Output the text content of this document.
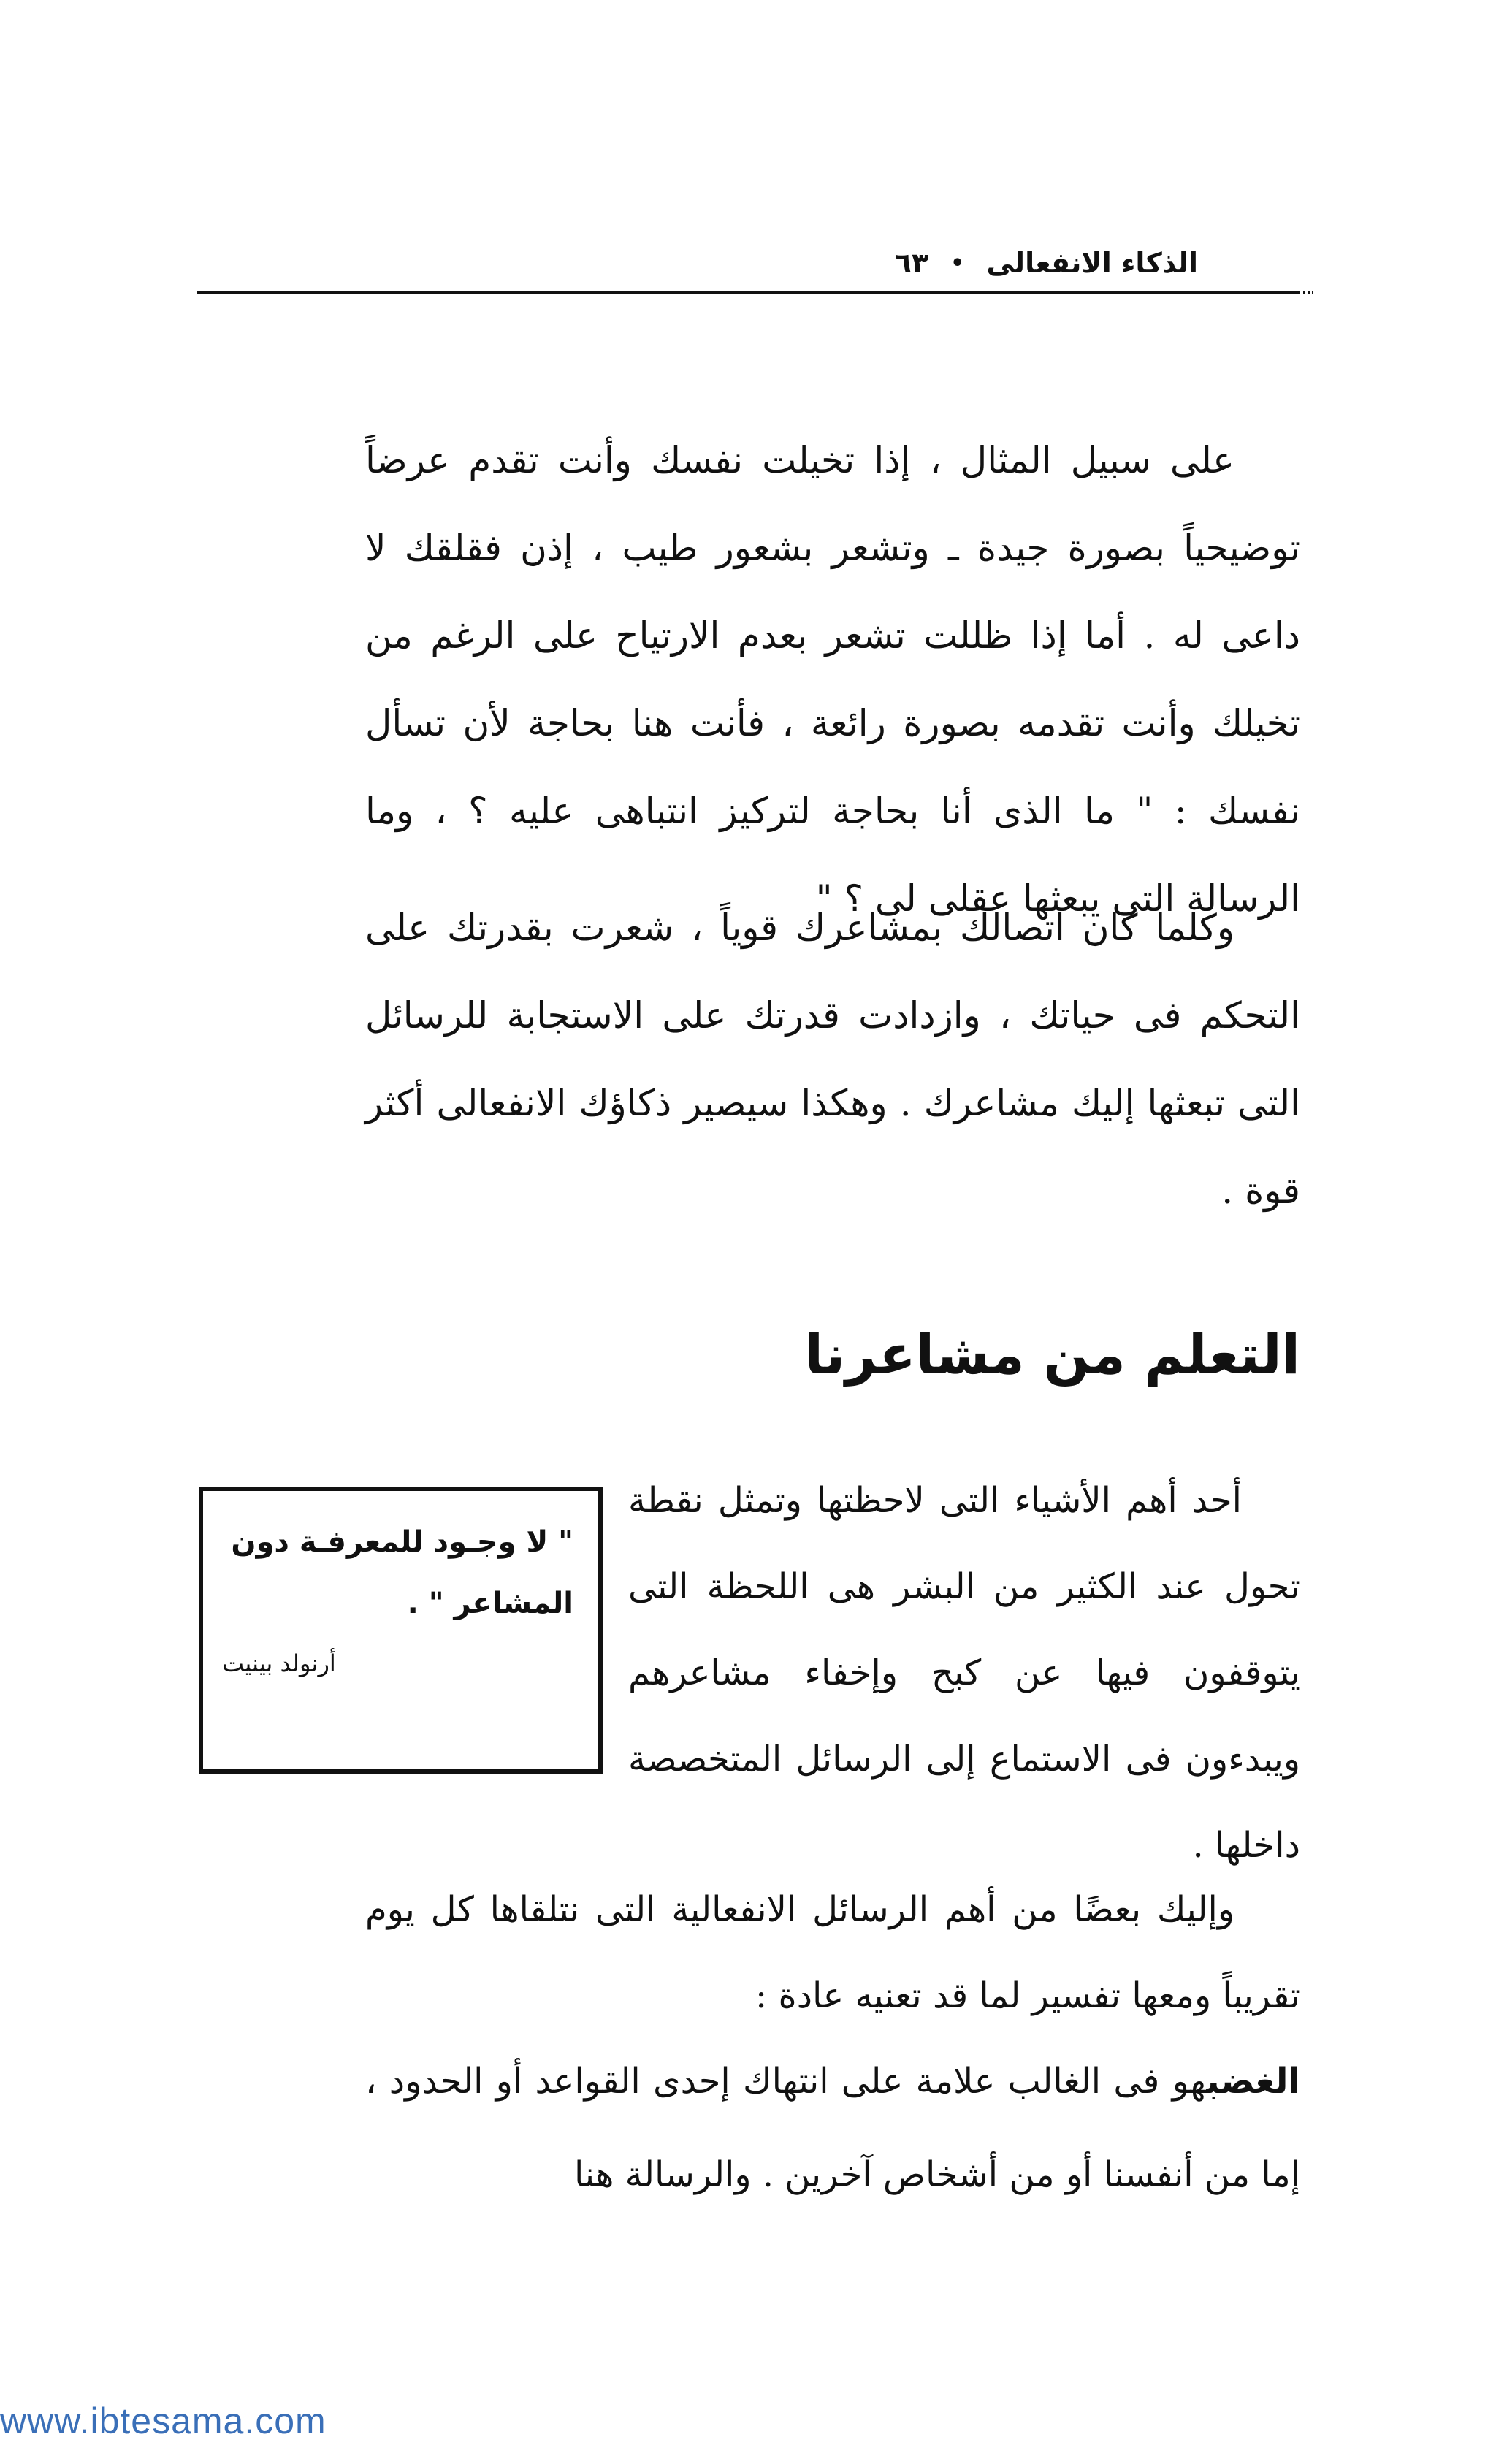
الذكاء الانفعالى
•
٦٣

على سبيل المثال ، إذا تخيلت نفسك وأنت تقدم عرضاً توضيحياً بصورة جيدة ـ وتشعر بشعور طيب ، إذن فقلقك لا داعى له . أما إذا ظللت تشعر بعدم الارتياح على الرغم من تخيلك وأنت تقدمه بصورة رائعة ، فأنت هنا بحاجة لأن تسأل نفسك : " ما الذى أنا بحاجة لتركيز انتباهى عليه ؟ ، وما الرسالة التى يبعثها عقلى لى ؟ "

وكلما كان اتصالك بمشاعرك قوياً ، شعرت بقدرتك على التحكم فى حياتك ، وازدادت قدرتك على الاستجابة للرسائل التى تبعثها إليك مشاعرك . وهكذا سيصير ذكاؤك الانفعالى أكثر قوة .

التعلم من مشاعرنا

أحد أهم الأشياء التى لاحظتها وتمثل نقطة تحول عند الكثير من البشر هى اللحظة التى يتوقفون فيها عن كبح وإخفاء مشاعرهم ويبدءون فى الاستماع إلى الرسائل المتخصصة داخلها .

" لا وجـود للمعرفـة دون المشاعر " .

أرنولد بينيت

وإليك بعضًا من أهم الرسائل الانفعالية التى نتلقاها كل يوم تقريباً ومعها تفسير لما قد تعنيه عادة :

الغضبهو فى الغالب علامة على انتهاك إحدى القواعد أو الحدود ، إما من أنفسنا أو من أشخاص آخرين . والرسالة هنا

www.ibtesama.com
